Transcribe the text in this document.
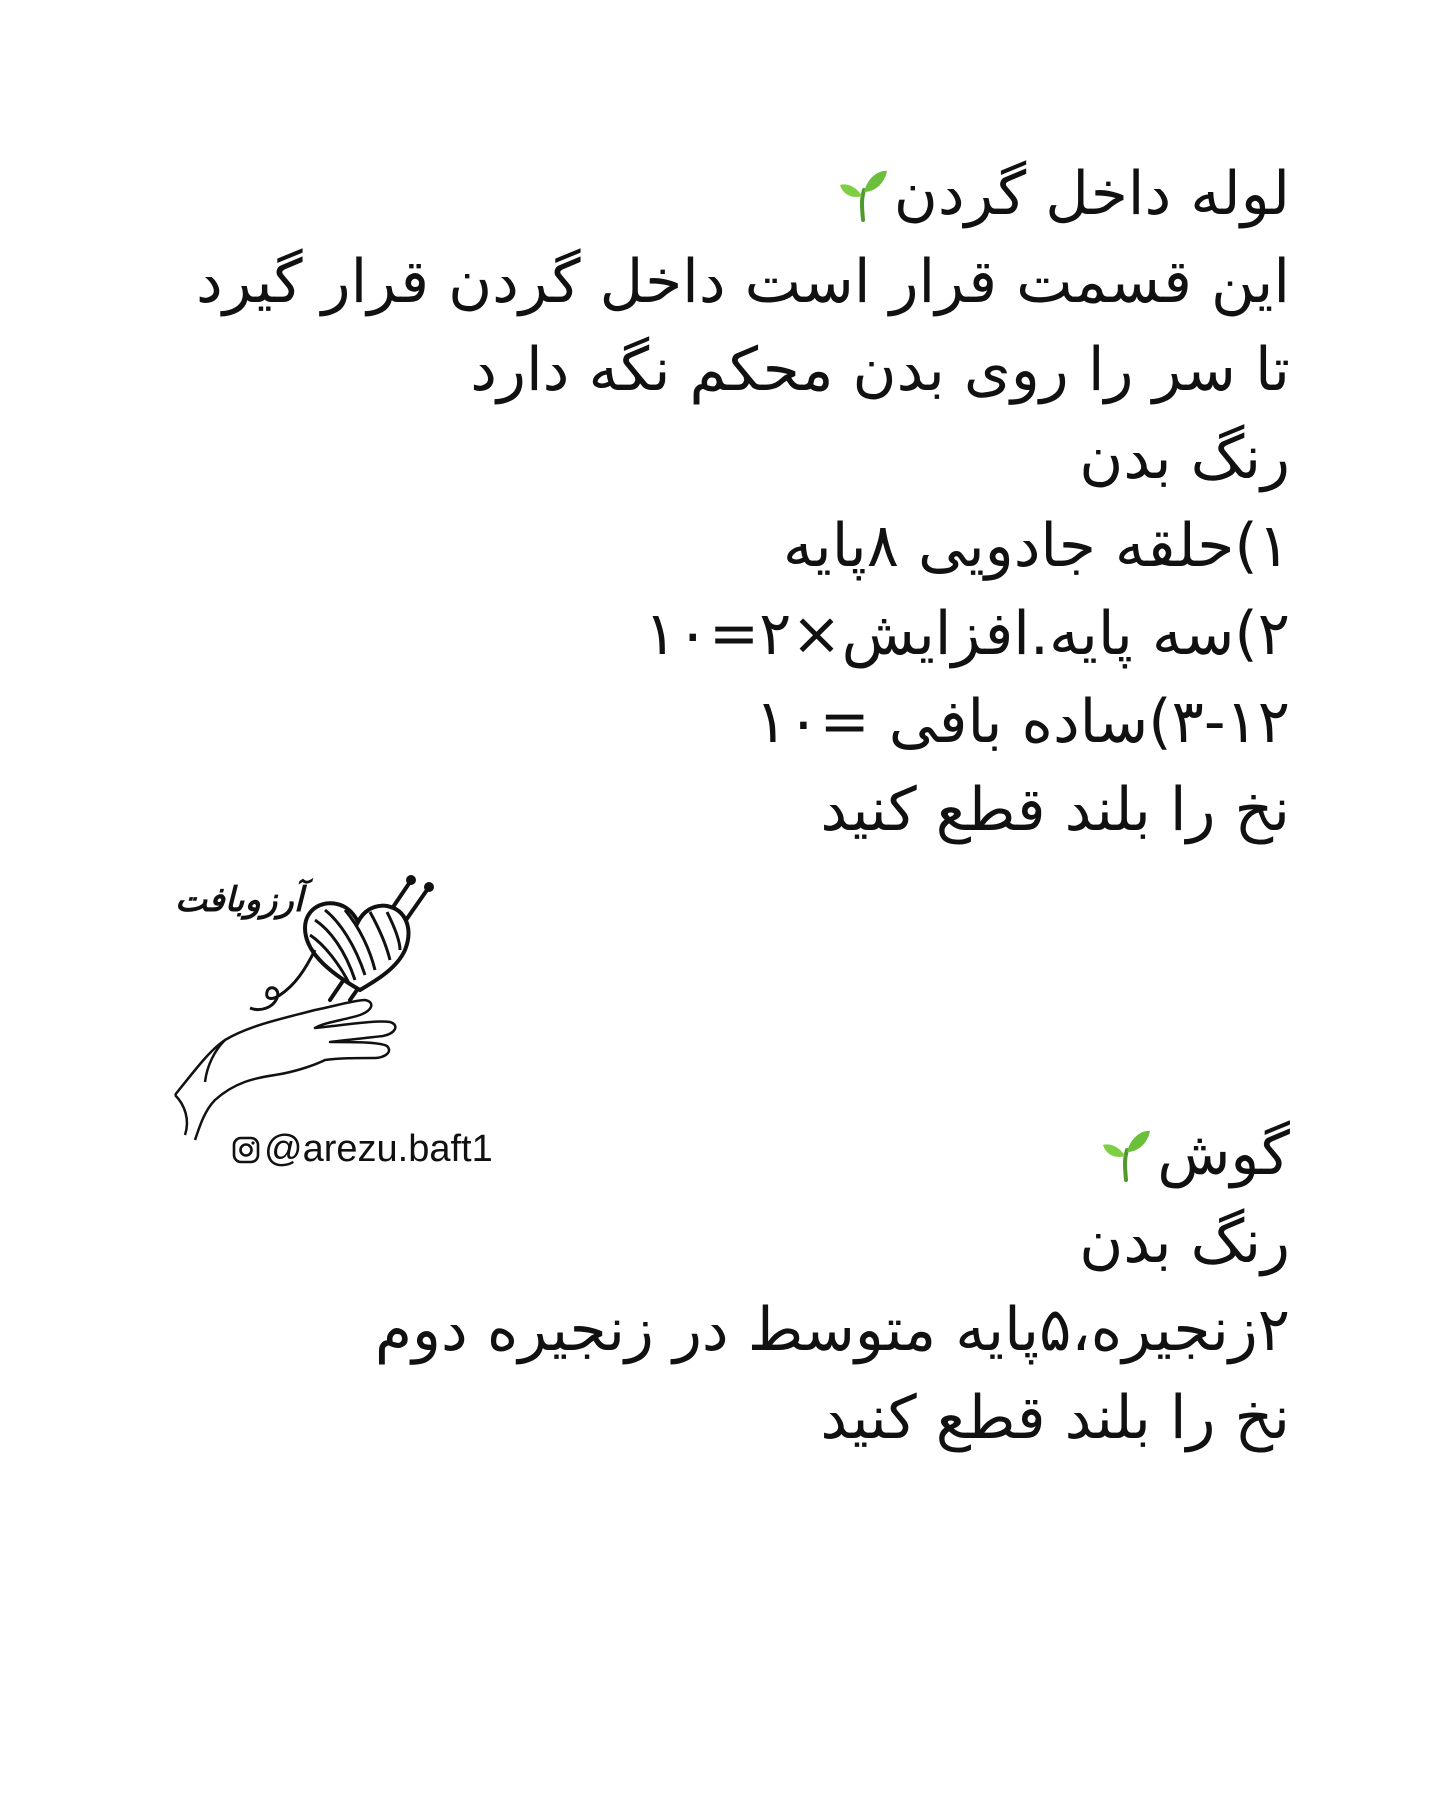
لوله داخل گردن
این قسمت قرار است داخل گردن قرار گیرد
تا سر را روی بدن محکم نگه دارد
رنگ بدن
۱)حلقه جادویی ۸پایه
۲)سه پایه.افزایش×۲=۱۰
۳-۱۲)ساده بافی =۱۰
نخ را بلند قطع کنید
آرزوبافت
@arezu.baft1	گوش
رنگ بدن
۲زنجیره،۵پایه متوسط در زنجیره دوم
نخ را بلند قطع کنید
